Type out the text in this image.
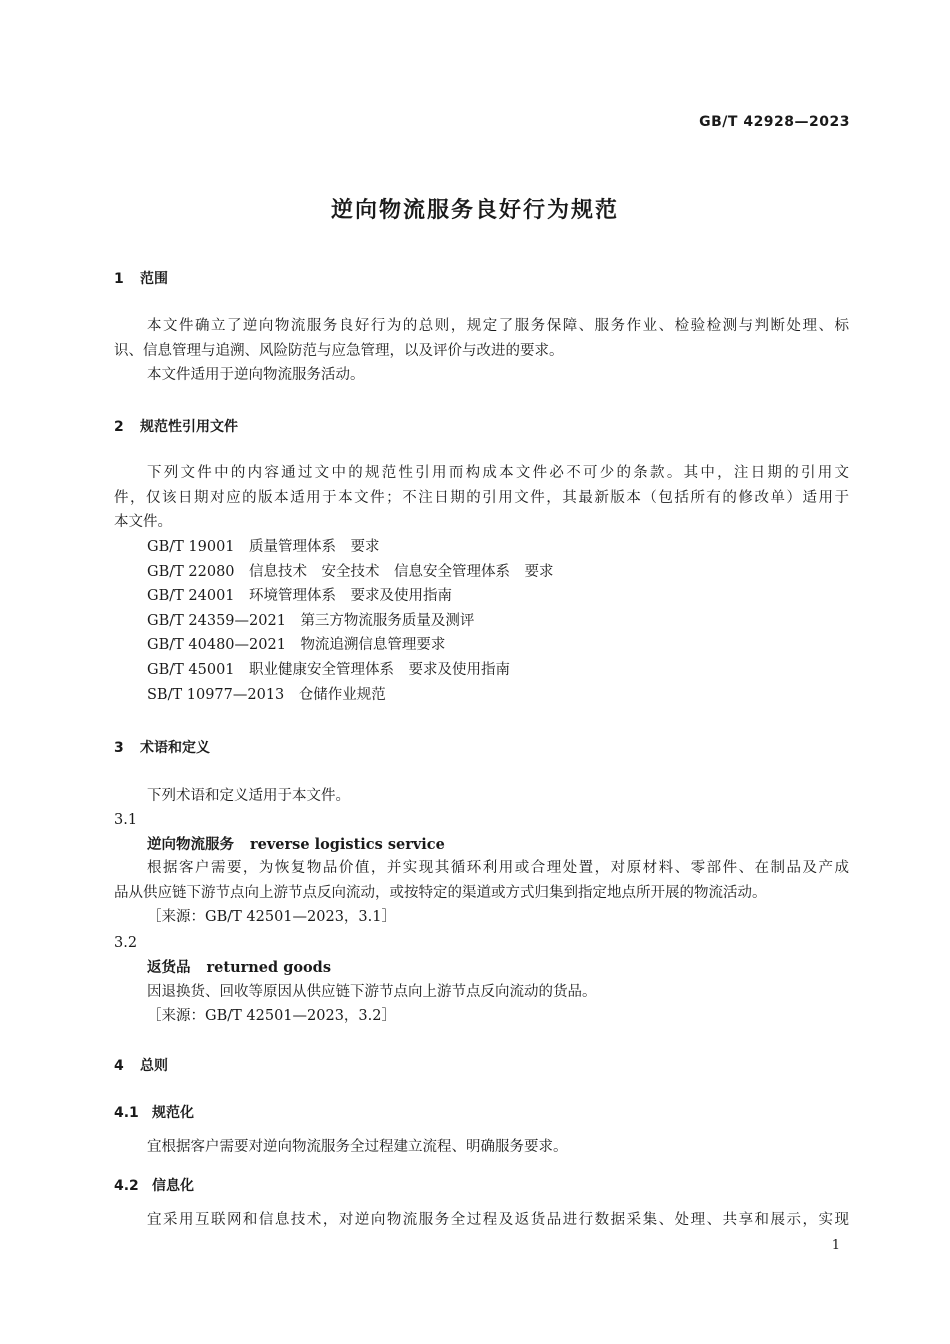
GB/T 42928—2023
逆向物流服务良好行为规范
1 范围
本文件确立了逆向物流服务良好行为的总则，规定了服务保障、服务作业、检验检测与判断处理、标
识、信息管理与追溯、风险防范与应急管理，以及评价与改进的要求。
本文件适用于逆向物流服务活动。
2 规范性引用文件
下列文件中的内容通过文中的规范性引用而构成本文件必不可少的条款。其中，注日期的引用文
件，仅该日期对应的版本适用于本文件；不注日期的引用文件，其最新版本（包括所有的修改单）适用于
本文件。
GB/T 19001　 质量管理体系　要求
GB/T 22080　 信息技术　安全技术　信息安全管理体系　要求
GB/T 24001　 环境管理体系　要求及使用指南
GB/T 24359—2021　 第三方物流服务质量及测评
GB/T 40480—2021　 物流追溯信息管理要求
GB/T 45001　 职业健康安全管理体系　要求及使用指南
SB/T 10977—2013　 仓储作业规范
3 术语和定义
下列术语和定义适用于本文件。
3.1
逆向物流服务 reverse logistics service
根据客户需要，为恢复物品价值，并实现其循环利用或合理处置，对原材料、零部件、在制品及产成
品从供应链下游节点向上游节点反向流动，或按特定的渠道或方式归集到指定地点所开展的物流活动。
［来源：GB/T 42501—2023，3.1］
3.2
返货品 returned goods
因退换货、回收等原因从供应链下游节点向上游节点反向流动的货品。
［来源：GB/T 42501—2023，3.2］
4 总则
4.1 规范化
宜根据客户需要对逆向物流服务全过程建立流程、明确服务要求。
4.2 信息化
宜采用互联网和信息技术，对逆向物流服务全过程及返货品进行数据采集、处理、共享和展示，实现
1
